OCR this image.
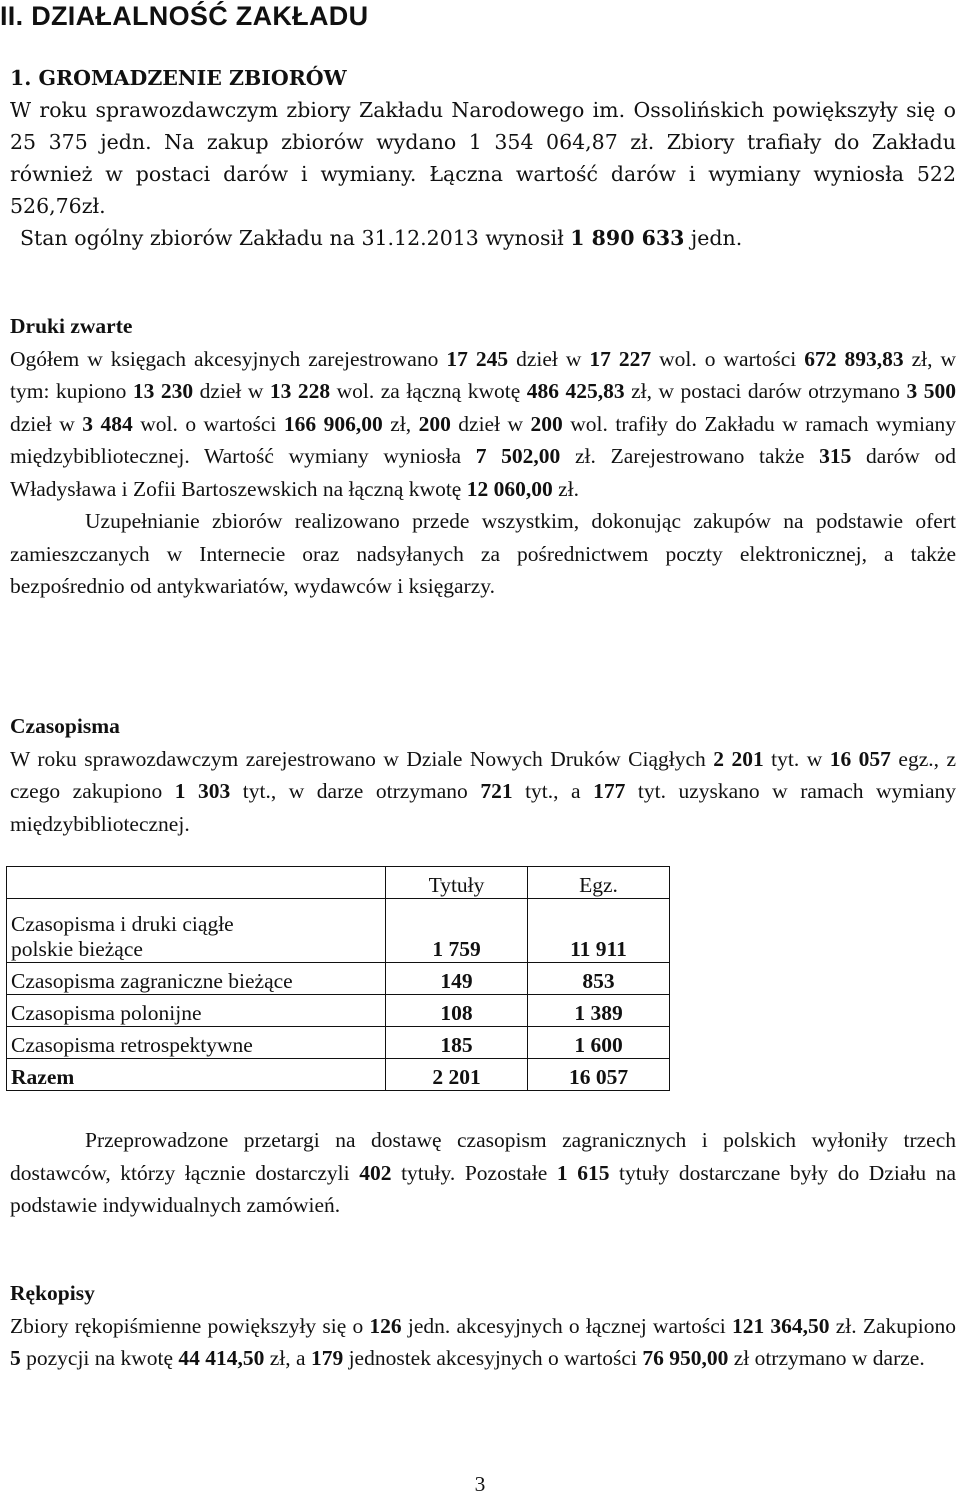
II. DZIAŁALNOŚĆ ZAKŁADU
1. GROMADZENIE ZBIORÓW
W roku sprawozdawczym zbiory Zakładu Narodowego im. Ossolińskich powiększyły się o 25 375 jedn. Na zakup zbiorów wydano 1 354 064,87 zł. Zbiory trafiały do Zakładu również w postaci darów i wymiany. Łączna wartość darów i wymiany wyniosła 522 526,76zł.
Stan ogólny zbiorów Zakładu na 31.12.2013 wynosił 1 890 633 jedn.
Druki zwarte
Ogółem w księgach akcesyjnych zarejestrowano 17 245 dzieł w 17 227 wol. o wartości 672 893,83 zł, w tym: kupiono 13 230 dzieł w 13 228 wol. za łączną kwotę 486 425,83 zł, w postaci darów otrzymano 3 500 dzieł w 3 484 wol. o wartości 166 906,00 zł, 200 dzieł w 200 wol. trafiły do Zakładu w ramach wymiany międzybibliotecznej. Wartość wymiany wyniosła 7 502,00 zł. Zarejestrowano także 315 darów od Władysława i Zofii Bartoszewskich na łączną kwotę 12 060,00 zł.
Uzupełnianie zbiorów realizowano przede wszystkim, dokonując zakupów na podstawie ofert zamieszczanych w Internecie oraz nadsyłanych za pośrednictwem poczty elektronicznej, a także bezpośrednio od antykwariatów, wydawców i księgarzy.
Czasopisma
W roku sprawozdawczym zarejestrowano w Dziale Nowych Druków Ciągłych 2 201 tyt. w 16 057 egz., z czego zakupiono 1 303 tyt., w darze otrzymano 721 tyt., a 177 tyt. uzyskano w ramach wymiany międzybibliotecznej.
	Tytuły	Egz.

Czasopisma i druki ciągłe
polskie bieżące	1 759	11 911
Czasopisma zagraniczne bieżące	149	853
Czasopisma polonijne	108	1 389
Czasopisma retrospektywne	185	1 600
Razem	2 201	16 057
Przeprowadzone przetargi na dostawę czasopism zagranicznych i polskich wyłoniły trzech dostawców, którzy łącznie dostarczyli 402 tytuły. Pozostałe 1 615 tytuły dostarczane były do Działu na podstawie indywidualnych zamówień.
Rękopisy
Zbiory rękopiśmienne powiększyły się o 126 jedn. akcesyjnych o łącznej wartości 121 364,50 zł. Zakupiono 5 pozycji na kwotę 44 414,50 zł, a 179 jednostek akcesyjnych o wartości 76 950,00 zł otrzymano w darze.
3
